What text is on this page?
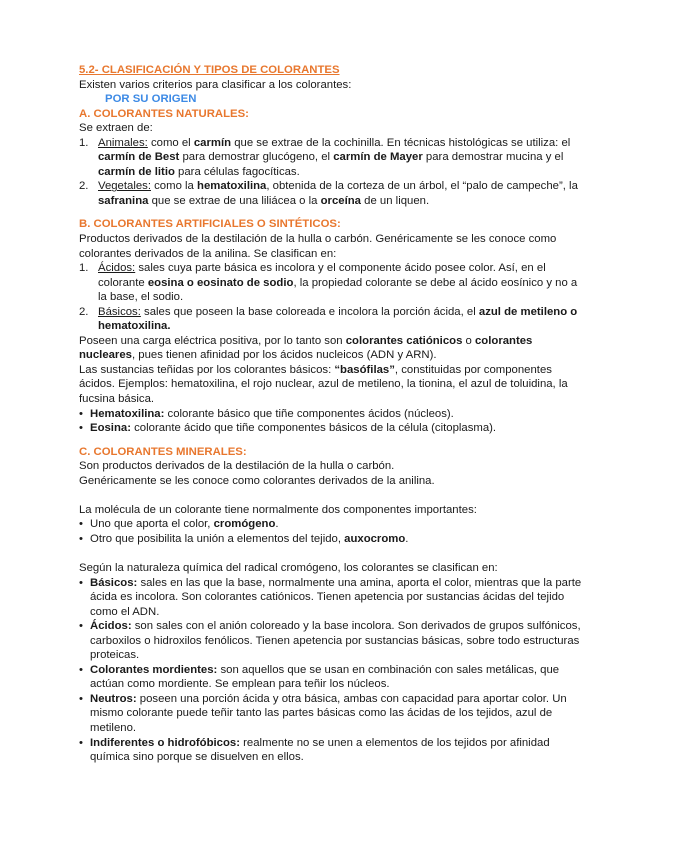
5.2- CLASIFICACIÓN Y TIPOS DE COLORANTES
Existen varios criterios para clasificar a los colorantes:
POR SU ORIGEN
A. COLORANTES NATURALES:
Se extraen de:
1. Animales: como el carmín que se extrae de la cochinilla. En técnicas histológicas se utiliza: el
carmín de Best para demostrar glucógeno, el carmín de Mayer para demostrar mucina y el
carmín de litio para células fagocíticas.
2. Vegetales: como la hematoxilina, obtenida de la corteza de un árbol, el “palo de campeche”, la
safranina que se extrae de una liliácea o la orceína de un liquen.
B. COLORANTES ARTIFICIALES O SINTÉTICOS:
Productos derivados de la destilación de la hulla o carbón. Genéricamente se les conoce como
colorantes derivados de la anilina. Se clasifican en:
1. Ácidos: sales cuya parte básica es incolora y el componente ácido posee color. Así, en el
colorante eosina o eosinato de sodio, la propiedad colorante se debe al ácido eosínico y no a
la base, el sodio.
2. Básicos: sales que poseen la base coloreada e incolora la porción ácida, el azul de metileno o
hematoxilina.
Poseen una carga eléctrica positiva, por lo tanto son colorantes catiónicos o colorantes
nucleares, pues tienen afinidad por los ácidos nucleicos (ADN y ARN).
Las sustancias teñidas por los colorantes básicos: “basófilas”, constituidas por componentes
ácidos. Ejemplos: hematoxilina, el rojo nuclear, azul de metileno, la tionina, el azul de toluidina, la
fucsina básica.
• Hematoxilina: colorante básico que tiñe componentes ácidos (núcleos).
• Eosina: colorante ácido que tiñe componentes básicos de la célula (citoplasma).
C. COLORANTES MINERALES:
Son productos derivados de la destilación de la hulla o carbón.
Genéricamente se les conoce como colorantes derivados de la anilina.
La molécula de un colorante tiene normalmente dos componentes importantes:
• Uno que aporta el color, cromógeno.
• Otro que posibilita la unión a elementos del tejido, auxocromo.
Según la naturaleza química del radical cromógeno, los colorantes se clasifican en:
• Básicos: sales en las que la base, normalmente una amina, aporta el color, mientras que la parte
ácida es incolora. Son colorantes catiónicos. Tienen apetencia por sustancias ácidas del tejido
como el ADN.
• Ácidos: son sales con el anión coloreado y la base incolora. Son derivados de grupos sulfónicos,
carboxilos o hidroxilos fenólicos. Tienen apetencia por sustancias básicas, sobre todo estructuras
proteicas.
• Colorantes mordientes: son aquellos que se usan en combinación con sales metálicas, que
actúan como mordiente. Se emplean para teñir los núcleos.
• Neutros: poseen una porción ácida y otra básica, ambas con capacidad para aportar color. Un
mismo colorante puede teñir tanto las partes básicas como las ácidas de los tejidos, azul de
metileno.
• Indiferentes o hidrofóbicos: realmente no se unen a elementos de los tejidos por afinidad
química sino porque se disuelven en ellos.
